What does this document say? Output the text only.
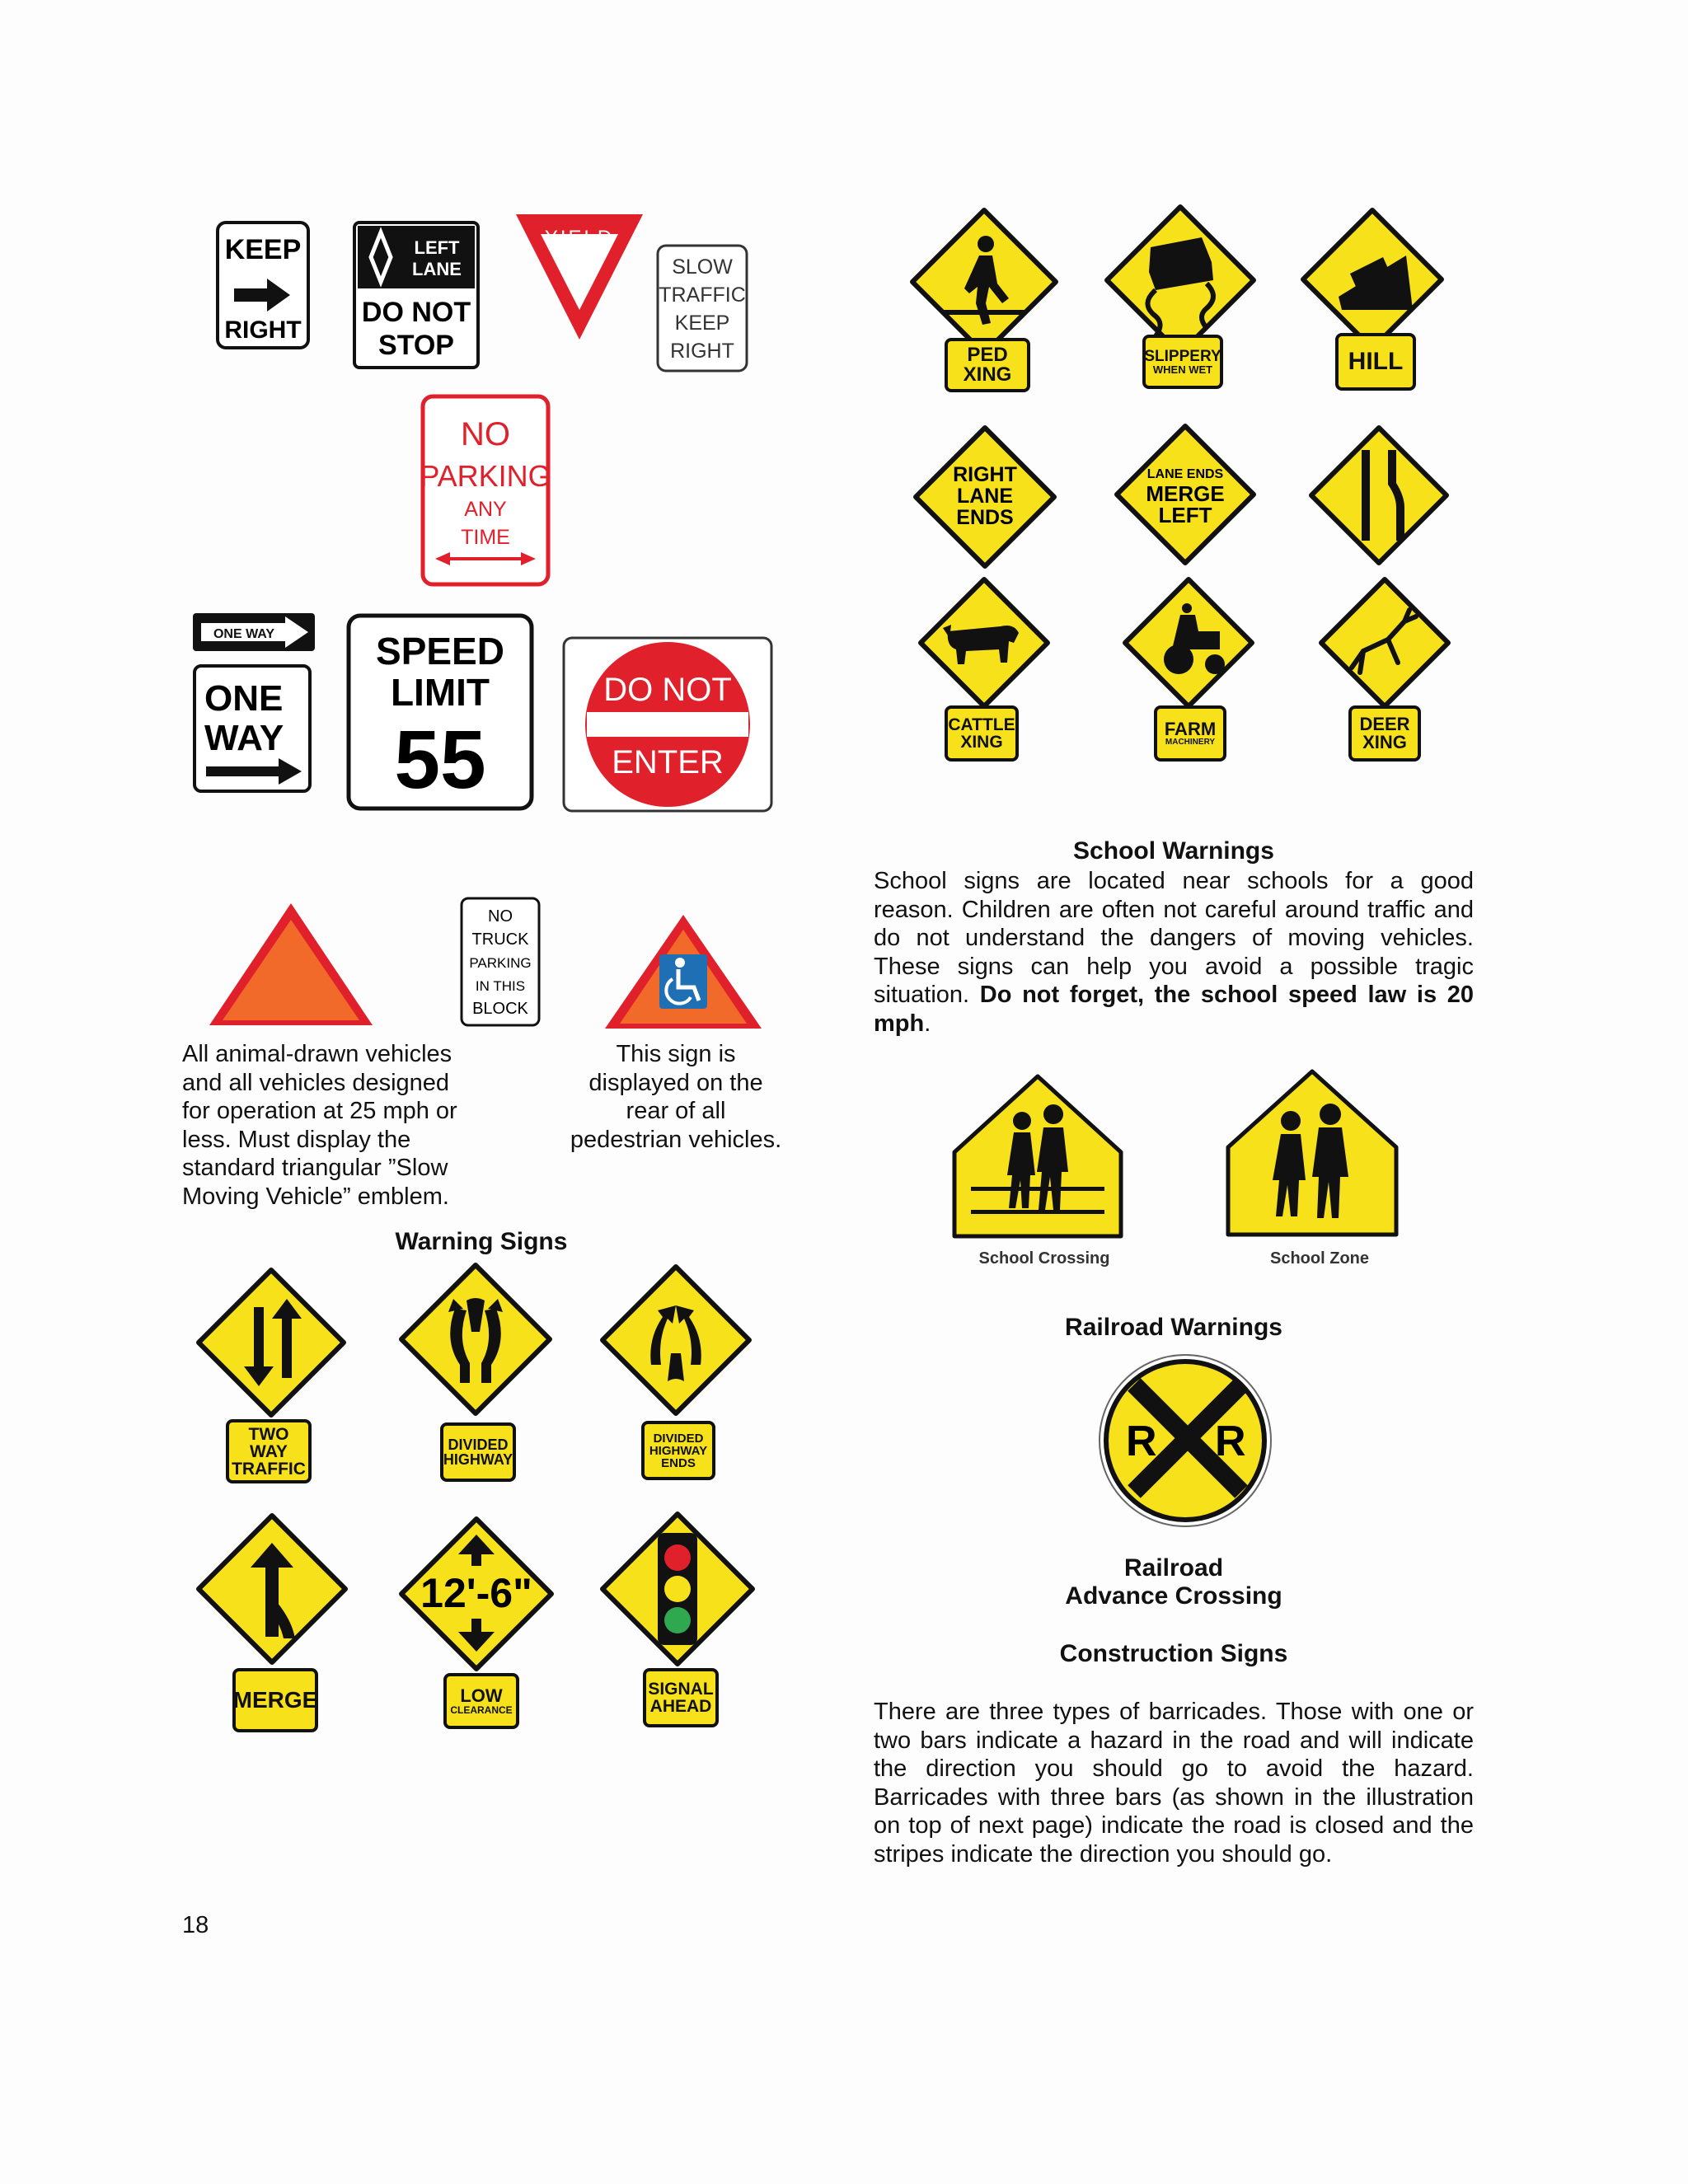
KEEP
RIGHT
LEFT
LANE
DO NOT
STOP
YIELD
SLOW
TRAFFIC
KEEP
RIGHT
NO
PARKING
ANY
TIME
ONE WAY
ONE
WAY
SPEED
LIMIT
55
DO NOT
ENTER
NO
TRUCK
PARKING
IN THIS
BLOCK
All animal-drawn vehicles
and all vehicles designed
for operation at 25 mph or
less. Must display the
standard triangular ”Slow
Moving Vehicle” emblem.
This sign is
displayed on the
rear of all
pedestrian vehicles.
Warning Signs
TWO WAY
TRAFFIC
DIVIDED
HIGHWAY
DIVIDED
HIGHWAY
ENDS
MERGE
12'-6"
LOW
CLEARANCE
SIGNAL
AHEAD
PED
XING
SLIPPERY
WHEN WET	HILL
RIGHT
LANE
ENDS
LANE ENDS
MERGE
LEFT
CATTLE
XING
FARM
MACHINERY
DEER
XING
School Warnings
School signs are located near schools for a good reason. Children are often not careful around traffic and do not understand the dangers of moving vehicles. These signs can help you avoid a possible tragic situation. Do not forget, the school speed law is 20 mph.
School Crossing	School Zone
Railroad Warnings
R R
Railroad
Advance Crossing
Construction Signs
There are three types of barricades. Those with one or two bars indicate a hazard in the road and will indicate the direction you should go to avoid the hazard. Barricades with three bars (as shown in the illustration on top of next page) indicate the road is closed and the stripes indicate the direction you should go.
18
